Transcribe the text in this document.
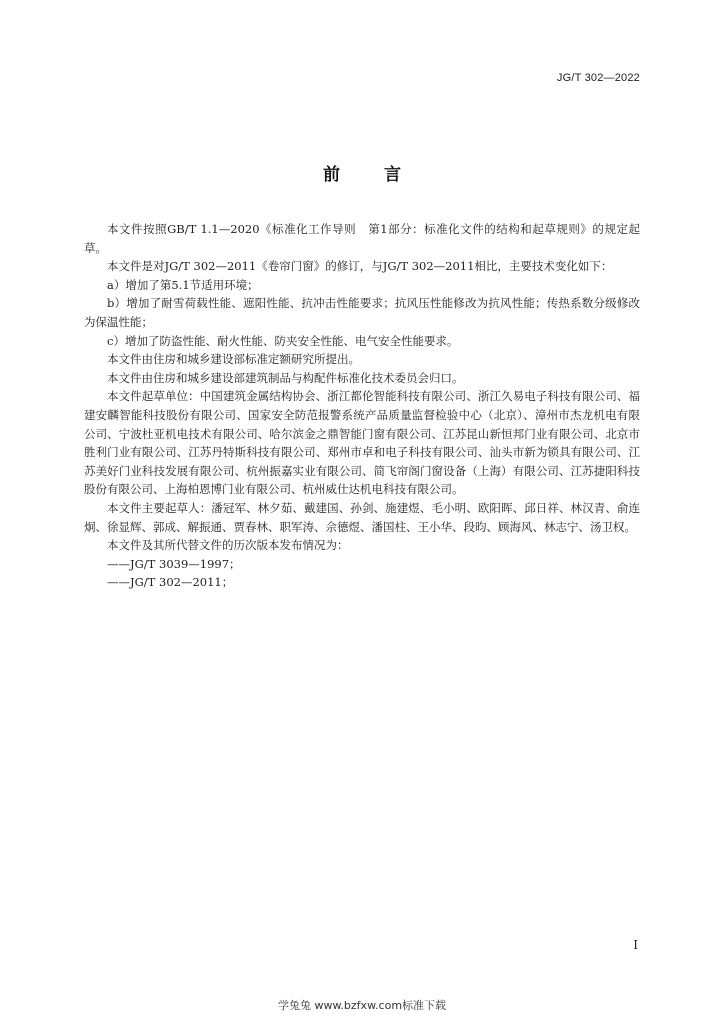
JG/T 302—2022
前言

本文件按照GB/T 1.1—2020《标准化工作导则　第1部分：标准化文件的结构和起草规则》的规定起草。

本文件是对JG/T 302—2011《卷帘门窗》的修订，与JG/T 302—2011相比，主要技术变化如下：

a）增加了第5.1节适用环境；

b）增加了耐雪荷载性能、遮阳性能、抗冲击性能要求；抗风压性能修改为抗风性能；传热系数分级修改为保温性能；

c）增加了防盗性能、耐火性能、防夹安全性能、电气安全性能要求。

本文件由住房和城乡建设部标准定额研究所提出。

本文件由住房和城乡建设部建筑制品与构配件标准化技术委员会归口。

本文件起草单位：中国建筑金属结构协会、浙江都伦智能科技有限公司、浙江久易电子科技有限公司、福建安麟智能科技股份有限公司、国家安全防范报警系统产品质量监督检验中心（北京）、漳州市杰龙机电有限公司、宁波杜亚机电技术有限公司、哈尔滨金之鼎智能门窗有限公司、江苏昆山新恒邦门业有限公司、北京市胜利门业有限公司、江苏丹特斯科技有限公司、郑州市卓和电子科技有限公司、汕头市新为锁具有限公司、江苏美好门业科技发展有限公司、杭州振嘉实业有限公司、简飞帘阁门窗设备（上海）有限公司、江苏捷阳科技股份有限公司、上海柏恩博门业有限公司、杭州威仕达机电科技有限公司。

本文件主要起草人：潘冠军、林夕茹、戴建国、孙剑、施建煜、毛小明、欧阳晖、邱日祥、林汉青、俞连炯、徐显辉、郭成、解振通、贾春林、职军涛、佘德煜、潘国柱、王小华、段昀、顾海风、林志宁、汤卫权。

本文件及其所代替文件的历次版本发布情况为：

——JG/T 3039—1997；

——JG/T 302—2011；

I
学兔兔 www.bzfxw.com标准下载
